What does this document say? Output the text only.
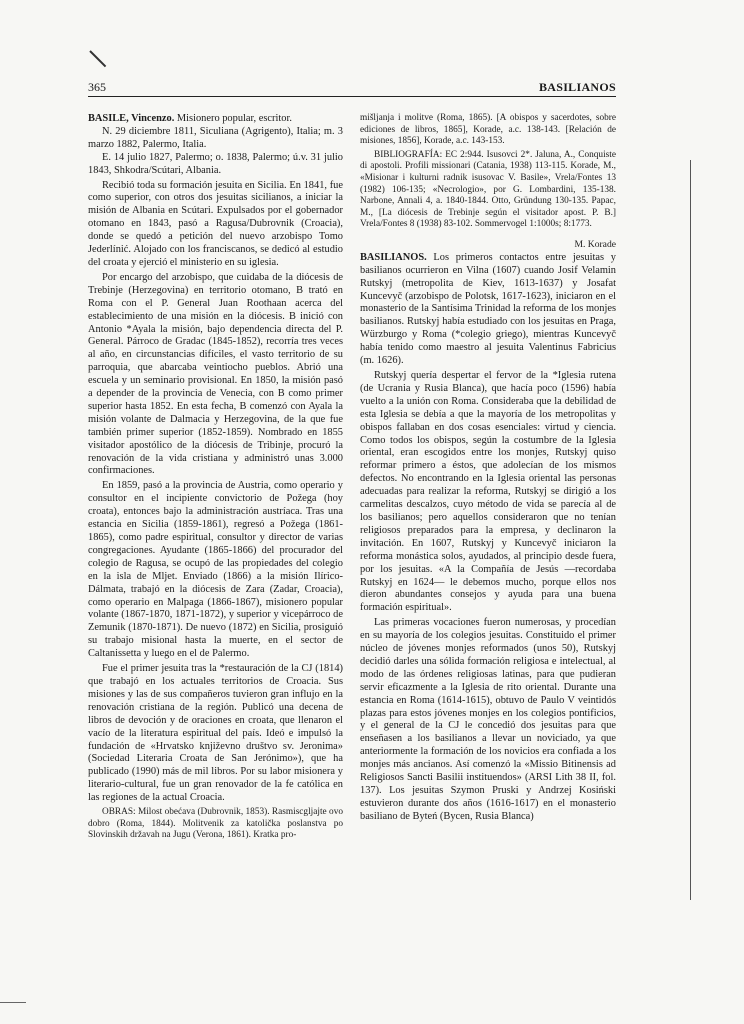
365	BASILIANOS

BASILE, Vincenzo. Misionero popular, escritor.

N. 29 diciembre 1811, Siculiana (Agrigento), Italia; m. 3 marzo 1882, Palermo, Italia.

E. 14 julio 1827, Palermo; o. 1838, Palermo; ú.v. 31 julio 1843, Shkodra/Scútari, Albania.

Recibió toda su formación jesuita en Sicilia. En 1841, fue como superior, con otros dos jesuitas sicilianos, a iniciar la misión de Albania en Scútari. Expulsados por el gobernador otomano en 1843, pasó a Ragusa/Dubrovnik (Croacia), donde se quedó a petición del nuevo arzobispo Tomo Jederlínić. Alojado con los franciscanos, se dedicó al estudio del croata y ejerció el ministerio en su iglesia.

Por encargo del arzobispo, que cuidaba de la diócesis de Trebinje (Herzegovina) en territorio otomano, B trató en Roma con el P. General Juan Roothaan acerca del establecimiento de una misión en la diócesis. B inició con Antonio *Ayala la misión, bajo dependencia directa del P. General. Párroco de Gradac (1845-1852), recorría tres veces al año, en circunstancias difíciles, el vasto territorio de su parroquia, que abarcaba veintiocho pueblos. Abrió una escuela y un seminario provisional. En 1850, la misión pasó a depender de la provincia de Venecia, con B como primer superior hasta 1852. En esta fecha, B comenzó con Ayala la misión volante de Dalmacia y Herzegovina, de la que fue también primer superior (1852-1859). Nombrado en 1855 visitador apostólico de la diócesis de Tribinje, procuró la renovación de la vida cristiana y administró unas 3.000 confirmaciones.

En 1859, pasó a la provincia de Austria, como operario y consultor en el incipiente convictorio de Požega (hoy croata), entonces bajo la administración austríaca. Tras una estancia en Sicilia (1859-1861), regresó a Požega (1861-1865), como padre espiritual, consultor y director de varias congregaciones. Ayudante (1865-1866) del procurador del colegio de Ragusa, se ocupó de las propiedades del colegio en la isla de Mljet. Enviado (1866) a la misión Ilírico-Dálmata, trabajó en la diócesis de Zara (Zadar, Croacia), como operario en Malpaga (1866-1867), misionero popular volante (1867-1870, 1871-1872), y superior y vicepárroco de Zemunik (1870-1871). De nuevo (1872) en Sicilia, prosiguió su trabajo misional hasta la muerte, en el sector de Caltanissetta y luego en el de Palermo.

Fue el primer jesuita tras la *restauración de la CJ (1814) que trabajó en los actuales territorios de Croacia. Sus misiones y las de sus compañeros tuvieron gran influjo en la renovación cristiana de la región. Publicó una decena de libros de devoción y de oraciones en croata, que llenaron el vacío de la literatura espiritual del país. Ideó e impulsó la fundación de «Hrvatsko književno društvo sv. Jeronima» (Sociedad Literaria Croata de San Jerónimo»), que ha publicado (1990) más de mil libros. Por su labor misionera y literario-cultural, fue un gran renovador de la fe católica en las regiones de la actual Croacia.

OBRAS: Milost obećava (Dubrovnik, 1853). Rasmiscgljajte ovo dobro (Roma, 1844). Molitvenik za katoličkа poslanstva po Slovinskih držаvah na Jugu (Verona, 1861). Kratka pro-

mišljanja i molitve (Roma, 1865). [A obispos y sacerdotes, sobre ediciones de libros, 1865], Korade, a.c. 138-143. [Relación de misiones, 1856], Korade, a.c. 143-153.

BIBLIOGRAFÍA: EC 2:944. Isusovci 2*. Jaluna, A., Conquiste di apostoli. Profili missionari (Catania, 1938) 113-115. Korade, M., «Misionar i kulturni radnik isusovac V. Basile», Vrela/Fontes 13 (1982) 106-135; «Necrologio», por G. Lombardini, 135-138. Narbone, Annali 4, a. 1840-1844. Otto, Gründung 130-135. Papac, M., [La diócesis de Trebinje según el visitador apost. P. B.] Vrela/Fontes 8 (1938) 83-102. Sommervogel 1:1000s; 8:1773.

M. Korade

BASILIANOS. Los primeros contactos entre jesuitas y basilianos ocurrieron en Vilna (1607) cuando Josif Velamin Rutskyj (metropolita de Kiev, 1613-1637) y Josafat Kuncevyč (arzobispo de Polotsk, 1617-1623), iniciaron en el monasterio de la Santísima Trinidad la reforma de los monjes basilianos. Rutskyj había estudiado con los jesuitas en Praga, Würzburgo y Roma (*colegio griego), mientras Kuncevyč había tenido como maestro al jesuita Valentinus Fabricius (m. 1626).

Rutskyj quería despertar el fervor de la *Iglesia rutena (de Ucrania y Rusia Blanca), que hacía poco (1596) había vuelto a la unión con Roma. Consideraba que la debilidad de esta Iglesia se debía a que la mayoría de los metropolitas y obispos fallaban en dos cosas esenciales: virtud y ciencia. Como todos los obispos, según la costumbre de la Iglesia oriental, eran escogidos entre los monjes, Rutskyj quiso reformar primero a éstos, que adolecían de los mismos defectos. No encontrando en la Iglesia oriental las personas adecuadas para realizar la reforma, Rutskyj se dirigió a los carmelitas descalzos, cuyo método de vida se parecía al de los basilianos; pero aquellos consideraron que no tenían religiosos preparados para la empresa, y declinaron la invitación. En 1607, Rutskyj y Kuncevyč iniciaron la reforma monástica solos, ayudados, al principio desde fuera, por los jesuitas. «A la Compañía de Jesús —recordaba Rutskyj en 1624— le debemos mucho, porque ellos nos dieron abundantes consejos y ayuda para una buena formación espiritual».

Las primeras vocaciones fueron numerosas, y procedían en su mayoría de los colegios jesuitas. Constituido el primer núcleo de jóvenes monjes reformados (unos 50), Rutskyj decidió darles una sólida formación religiosa e intelectual, al modo de las órdenes religiosas latinas, para que pudieran servir eficazmente a la Iglesia de rito oriental. Durante una estancia en Roma (1614-1615), obtuvo de Paulo V veintidós plazas para estos jóvenes monjes en los colegios pontificios, y el general de la CJ le concedió dos jesuitas para que enseñasen a los basilianos a llevar un noviciado, ya que anteriormente la formación de los novicios era confiada a los monjes más ancianos. Así comenzó la «Missio Bitinensis ad Religiosos Sancti Basilii instituendos» (ARSI Lith 38 II, fol. 137). Los jesuitas Szymon Pruski y Andrzej Kosiński estuvieron durante dos años (1616-1617) en el monasterio basiliano de Byteń (Bycen, Rusia Blanca)
